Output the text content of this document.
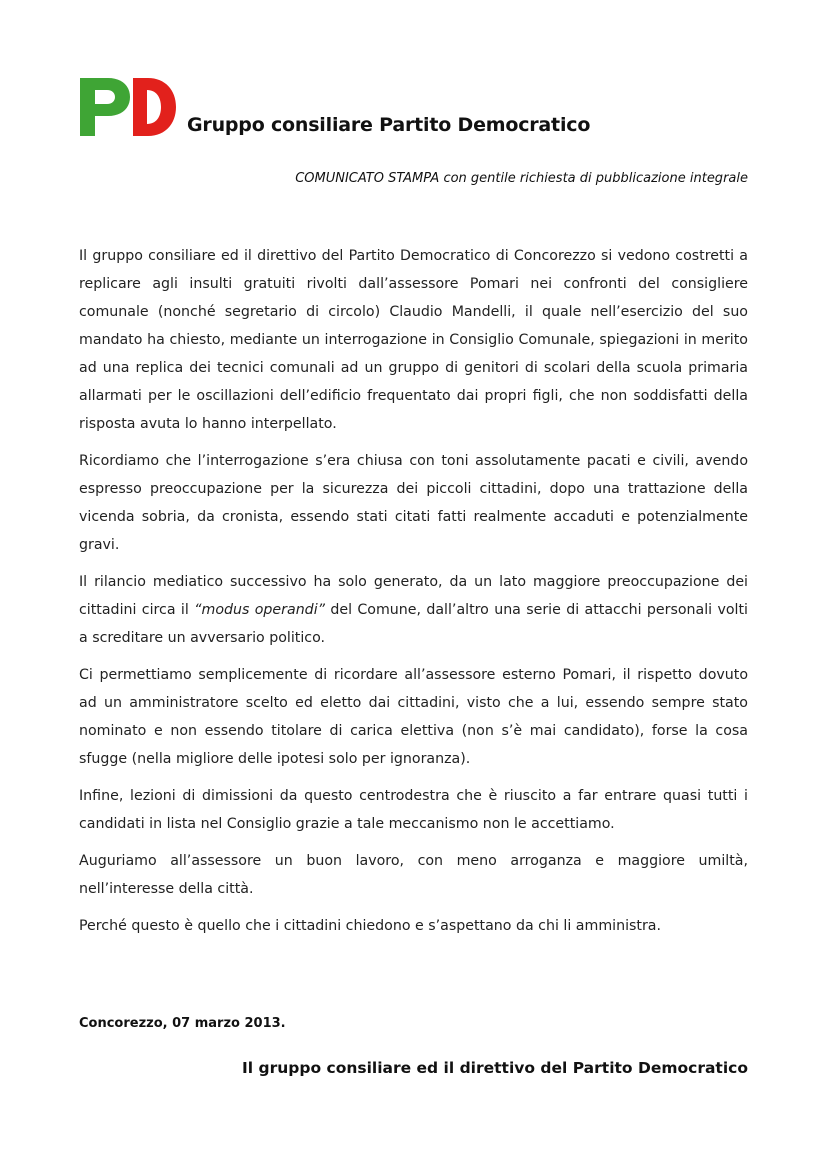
Gruppo consiliare Partito Democratico
COMUNICATO STAMPA con gentile richiesta di pubblicazione integrale

Il gruppo consiliare ed il direttivo del Partito Democratico di Concorezzo si vedono costretti a replicare agli insulti gratuiti rivolti dall’assessore Pomari nei confronti del consigliere comunale (nonché segretario di circolo) Claudio Mandelli, il quale nell’esercizio del suo mandato ha chiesto, mediante un interrogazione in Consiglio Comunale, spiegazioni in merito ad una replica dei tecnici comunali ad un gruppo di genitori di scolari della scuola primaria allarmati per le oscillazioni dell’edificio frequentato dai propri figli, che non soddisfatti della risposta avuta lo hanno interpellato.

Ricordiamo che l’interrogazione s’era chiusa con toni assolutamente pacati e civili, avendo espresso preoccupazione per la sicurezza dei piccoli cittadini, dopo una trattazione della vicenda sobria, da cronista, essendo stati citati fatti realmente accaduti e potenzialmente gravi.

Il rilancio mediatico successivo ha solo generato, da un lato maggiore preoccupazione dei cittadini circa il “modus operandi” del Comune, dall’altro una serie di attacchi personali volti a screditare un avversario politico.

Ci permettiamo semplicemente di ricordare all’assessore esterno Pomari, il rispetto dovuto ad un amministratore scelto ed eletto dai cittadini, visto che a lui, essendo sempre stato nominato e non essendo titolare di carica elettiva (non s’è mai candidato), forse la cosa sfugge (nella migliore delle ipotesi solo per ignoranza).

Infine, lezioni di dimissioni da questo centrodestra che è riuscito a far entrare quasi tutti i candidati in lista nel Consiglio grazie a tale meccanismo non le accettiamo.

Auguriamo all’assessore un buon lavoro, con meno arroganza e maggiore umiltà, nell’interesse della città.

Perché questo è quello che i cittadini chiedono e s’aspettano da chi li amministra.

Concorezzo, 07 marzo 2013.
Il gruppo consiliare ed il direttivo del Partito Democratico
